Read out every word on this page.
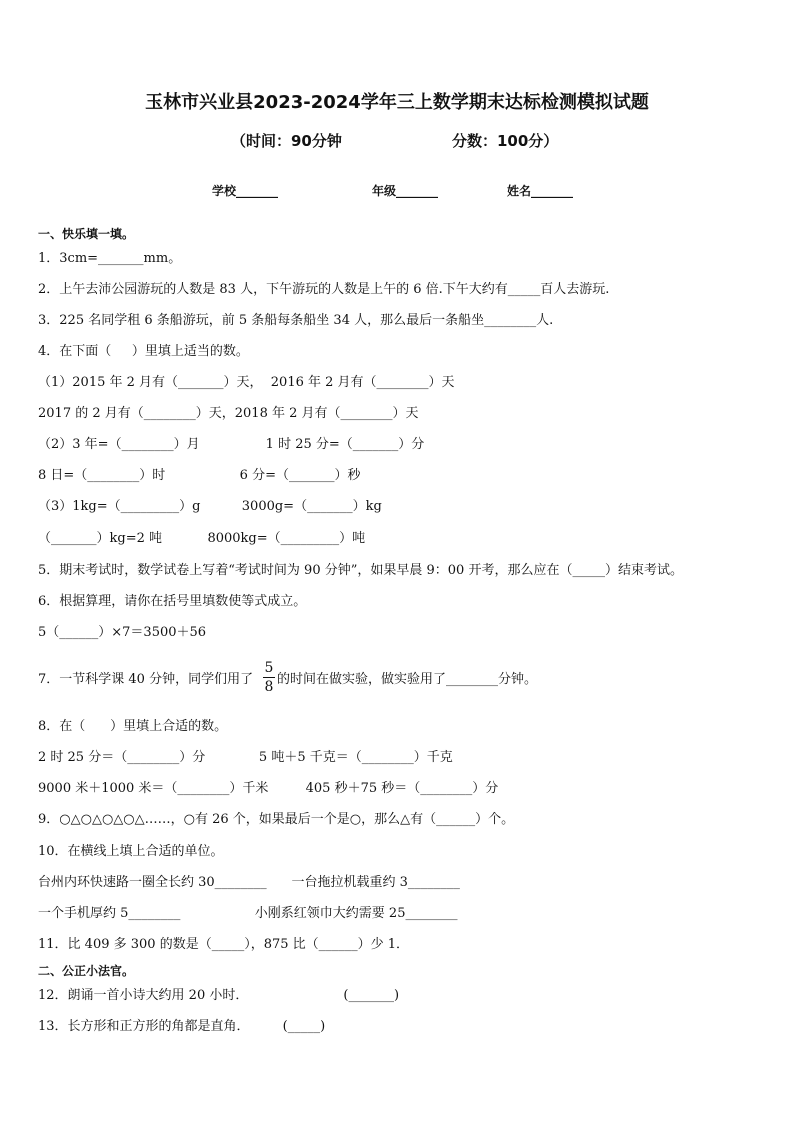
玉林市兴业县2023-2024学年三上数学期末达标检测模拟试题
（时间：90分钟	分数：100分）
学校_______	年级_______	姓名_______
一、快乐填一填。
1．3cm=_______mm。
2．上午去沛公园游玩的人数是 83 人，下午游玩的人数是上午的 6 倍.下午大约有_____百人去游玩.
3．225 名同学租 6 条船游玩，前 5 条船每条船坐 34 人，那么最后一条船坐________人.
4．在下面（     ）里填上适当的数。
（1）2015 年 2 月有（_______）天，  2016 年 2 月有（________）天
2017 的 2 月有（________）天，2018 年 2 月有（________）天
（2）3 年=（________）月                1 时 25 分=（_______）分
8 日=（________）时                  6 分=（_______）秒
（3）1kg=（_________）g          3000g=（_______）kg
（_______）kg=2 吨           8000kg=（_________）吨
5．期末考试时，数学试卷上写着“考试时间为 90 分钟”，如果早晨 9：00 开考，那么应在（_____）结束考试。
6．根据算理，请你在括号里填数使等式成立。
5（______）×7＝3500＋56
7．一节科学课 40 分钟，同学们用了
5
8 的时间在做实验，做实验用了________分钟。
8．在（      ）里填上合适的数。
2 时 25 分＝（________）分             5 吨＋5 千克＝（________）千克
9000 米＋1000 米＝（________）千米         405 秒＋75 秒＝（________）分
9．○△○△○△○△……，○有 26 个，如果最后一个是○，那么△有（______）个。
10．在横线上填上合适的单位。
台州内环快速路一圈全长约 30________      一台拖拉机载重约 3________
一个手机厚约 5________                  小刚系红领巾大约需要 25________
11．比 409 多 300 的数是（_____），875 比（______）少 1．
二、公正小法官。
12．朗诵一首小诗大约用 20 小时．                       (_______)
13．长方形和正方形的角都是直角．        (_____)
